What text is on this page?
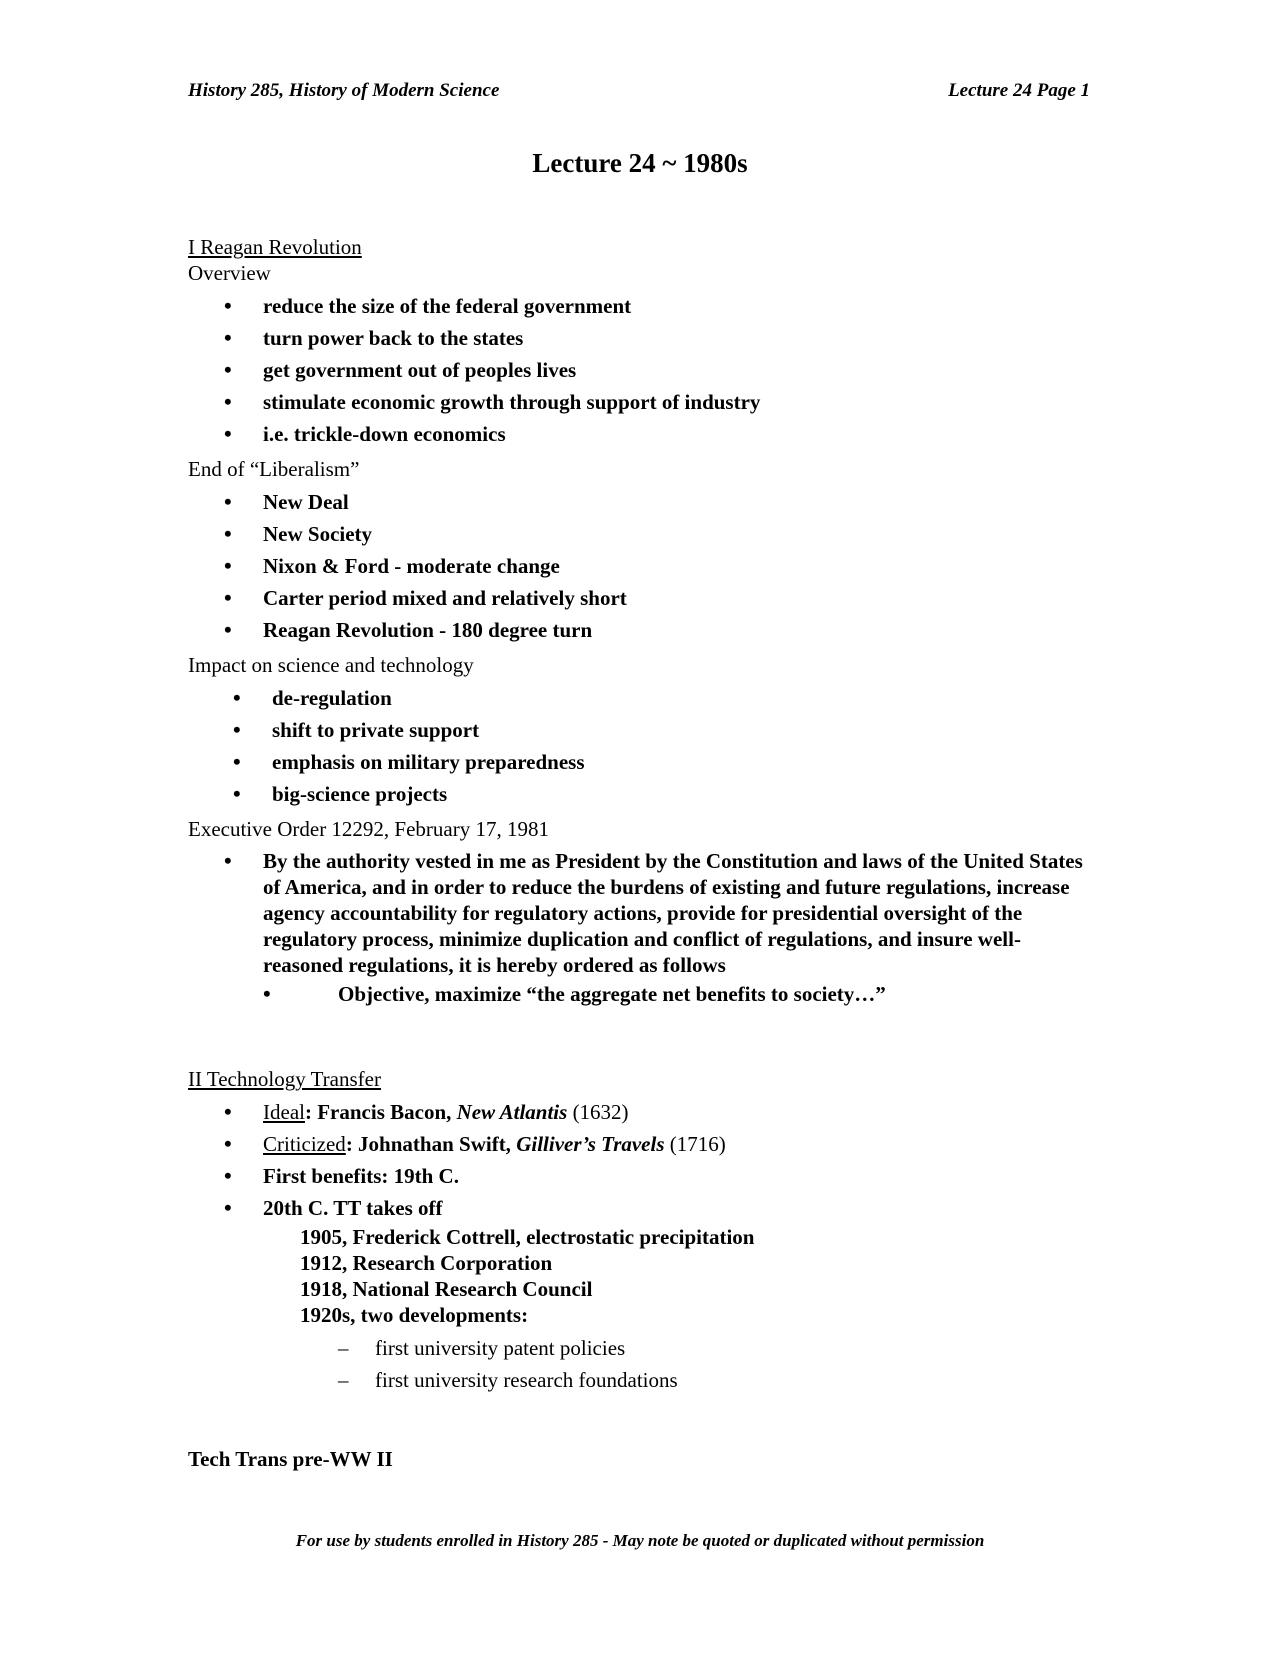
History 285, History of Modern Science	Lecture 24 Page 1
Lecture 24 ~ 1980s
I Reagan Revolution
Overview
• reduce the size of the federal government
• turn power back to the states
• get government out of peoples lives
• stimulate economic growth through support of industry
• i.e. trickle-down economics
End of “Liberalism”
• New Deal
• New Society
• Nixon & Ford - moderate change
• Carter period mixed and relatively short
• Reagan Revolution - 180 degree turn
Impact on science and technology
• de-regulation
• shift to private support
• emphasis on military preparedness
• big-science projects
Executive Order 12292, February 17, 1981
• By the authority vested in me as President by the Constitution and laws of the United States of America, and in order to reduce the burdens of existing and future regulations, increase agency accountability for regulatory actions, provide for presidential oversight of the regulatory process, minimize duplication and conflict of regulations, and insure well-reasoned regulations, it is hereby ordered as follows
•	Objective, maximize “the aggregate net benefits to society…”
II Technology Transfer
• Ideal: Francis Bacon, New Atlantis (1632)
• Criticized: Johnathan Swift, Gilliver’s Travels (1716)
• First benefits: 19th C.
• 20th C. TT takes off
1905, Frederick Cottrell, electrostatic precipitation
1912, Research Corporation
1918, National Research Council
1920s, two developments:
– first university patent policies
– first university research foundations
Tech Trans pre-WW II
For use by students enrolled in History 285 - May note be quoted or duplicated without permission
